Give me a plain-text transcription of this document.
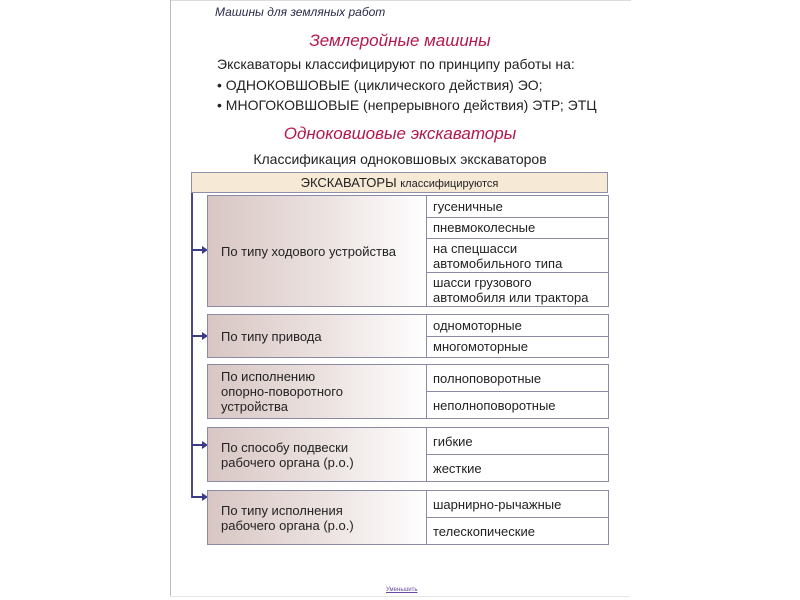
Машины для земляных работ
Землеройные машины
Экскаваторы классифицируют по принципу работы на:
• ОДНОКОВШОВЫЕ (циклического действия) ЭО;
• МНОГОКОВШОВЫЕ (непрерывного действия) ЭТР; ЭТЦ
Одноковшовые экскаваторы
Классификация одноковшовых экскаваторов
ЭКСКАВАТОРЫ классифицируются
По типу ходового устройства
гусеничные
пневмоколесные
на спецшасси
автомобильного типа
шасси грузового
автомобиля или трактора
По типу привода
одномоторные
многомоторные
По исполнению
опорно-поворотного
устройства
полноповоротные
неполноповоротные
По способу подвески
рабочего органа (р.о.)
гибкие
жесткие
По типу исполнения
рабочего органа (р.о.)
шарнирно-рычажные
телескопические
Уменьшить
